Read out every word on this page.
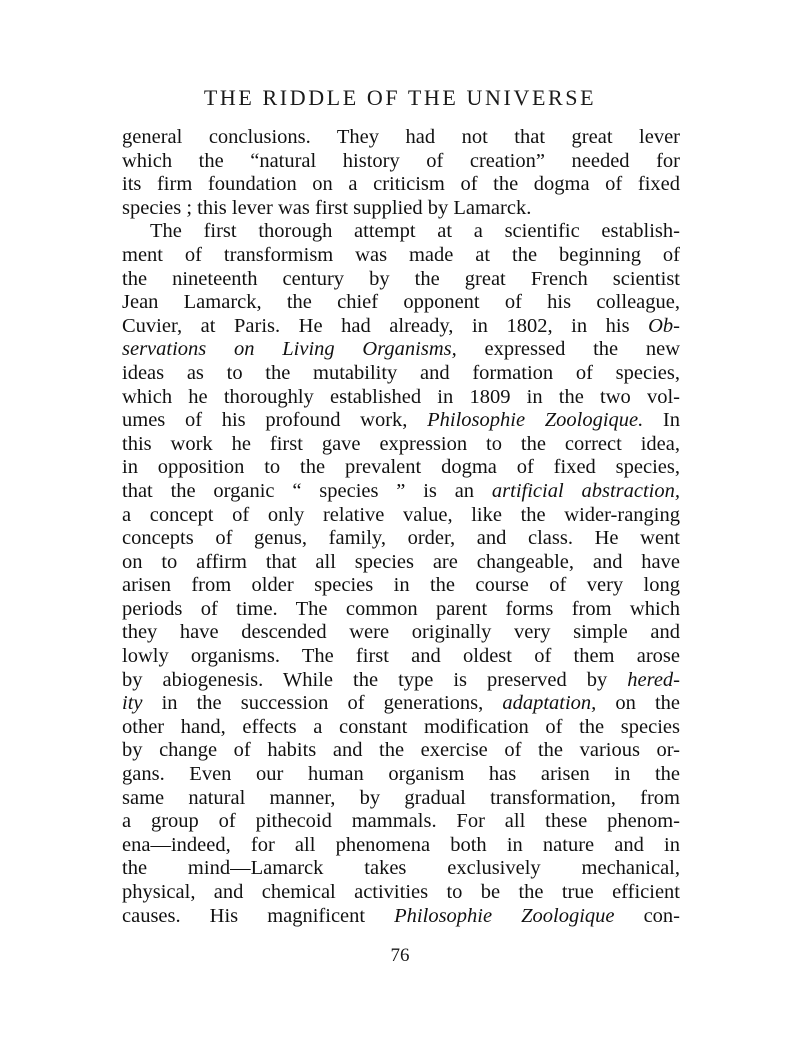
THE RIDDLE OF THE UNIVERSE
general conclusions. They had not that great lever
which the “natural history of creation” needed for
its firm foundation on a criticism of the dogma of fixed
species ; this lever was first supplied by Lamarck.
The first thorough attempt at a scientific establish-
ment of transformism was made at the beginning of
the nineteenth century by the great French scientist
Jean Lamarck, the chief opponent of his colleague,
Cuvier, at Paris. He had already, in 1802, in his Ob-
servations on Living Organisms, expressed the new
ideas as to the mutability and formation of species,
which he thoroughly established in 1809 in the two vol-
umes of his profound work, Philosophie Zoologique. In
this work he first gave expression to the correct idea,
in opposition to the prevalent dogma of fixed species,
that the organic “ species ” is an artificial abstraction,
a concept of only relative value, like the wider-ranging
concepts of genus, family, order, and class. He went
on to affirm that all species are changeable, and have
arisen from older species in the course of very long
periods of time. The common parent forms from which
they have descended were originally very simple and
lowly organisms. The first and oldest of them arose
by abiogenesis. While the type is preserved by hered-
ity in the succession of generations, adaptation, on the
other hand, effects a constant modification of the species
by change of habits and the exercise of the various or-
gans. Even our human organism has arisen in the
same natural manner, by gradual transformation, from
a group of pithecoid mammals. For all these phenom-
ena—indeed, for all phenomena both in nature and in
the mind—Lamarck takes exclusively mechanical,
physical, and chemical activities to be the true efficient
causes. His magnificent Philosophie Zoologique con-
76
